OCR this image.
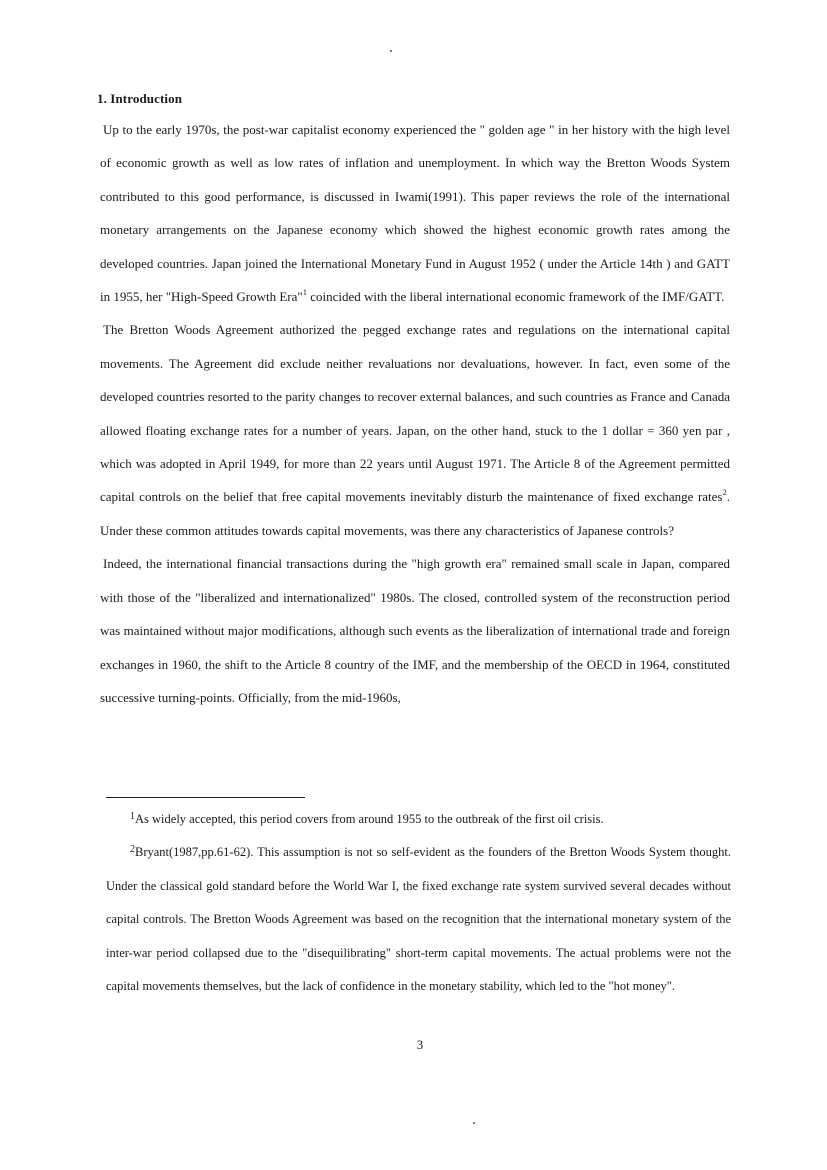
1. Introduction

Up to the early 1970s, the post-war capitalist economy experienced the " golden age " in her history with the high level of economic growth as well as low rates of inflation and unemployment. In which way the Bretton Woods System contributed to this good performance, is discussed in Iwami(1991). This paper reviews the role of the international monetary arrangements on the Japanese economy which showed the highest economic growth rates among the developed countries. Japan joined the International Monetary Fund in August 1952 ( under the Article 14th ) and GATT in 1955, her "High-Speed Growth Era"$^1$ coincided with the liberal international economic framework of the IMF/GATT.

The Bretton Woods Agreement authorized the pegged exchange rates and regulations on the international capital movements. The Agreement did exclude neither revaluations nor devaluations, however. In fact, even some of the developed countries resorted to the parity changes to recover external balances, and such countries as France and Canada allowed floating exchange rates for a number of years. Japan, on the other hand, stuck to the 1 dollar = 360 yen par , which was adopted in April 1949, for more than 22 years until August 1971. The Article 8 of the Agreement permitted capital controls on the belief that free capital movements inevitably disturb the maintenance of fixed exchange rates$^2$. Under these common attitudes towards capital movements, was there any characteristics of Japanese controls?

Indeed, the international financial transactions during the "high growth era" remained small scale in Japan, compared with those of the "liberalized and internationalized" 1980s. The closed, controlled system of the reconstruction period was maintained without major modifications, although such events as the liberalization of international trade and foreign exchanges in 1960, the shift to the Article 8 country of the IMF, and the membership of the OECD in 1964, constituted successive turning-points. Officially, from the mid-1960s,

$^1$As widely accepted, this period covers from around 1955 to the outbreak of the first oil crisis.

$^2$Bryant(1987,pp.61-62). This assumption is not so self-evident as the founders of the Bretton Woods System thought. Under the classical gold standard before the World War I, the fixed exchange rate system survived several decades without capital controls. The Bretton Woods Agreement was based on the recognition that the international monetary system of the inter-war period collapsed due to the "disequilibrating" short-term capital movements. The actual problems were not the capital movements themselves, but the lack of confidence in the monetary stability, which led to the "hot money".

3
